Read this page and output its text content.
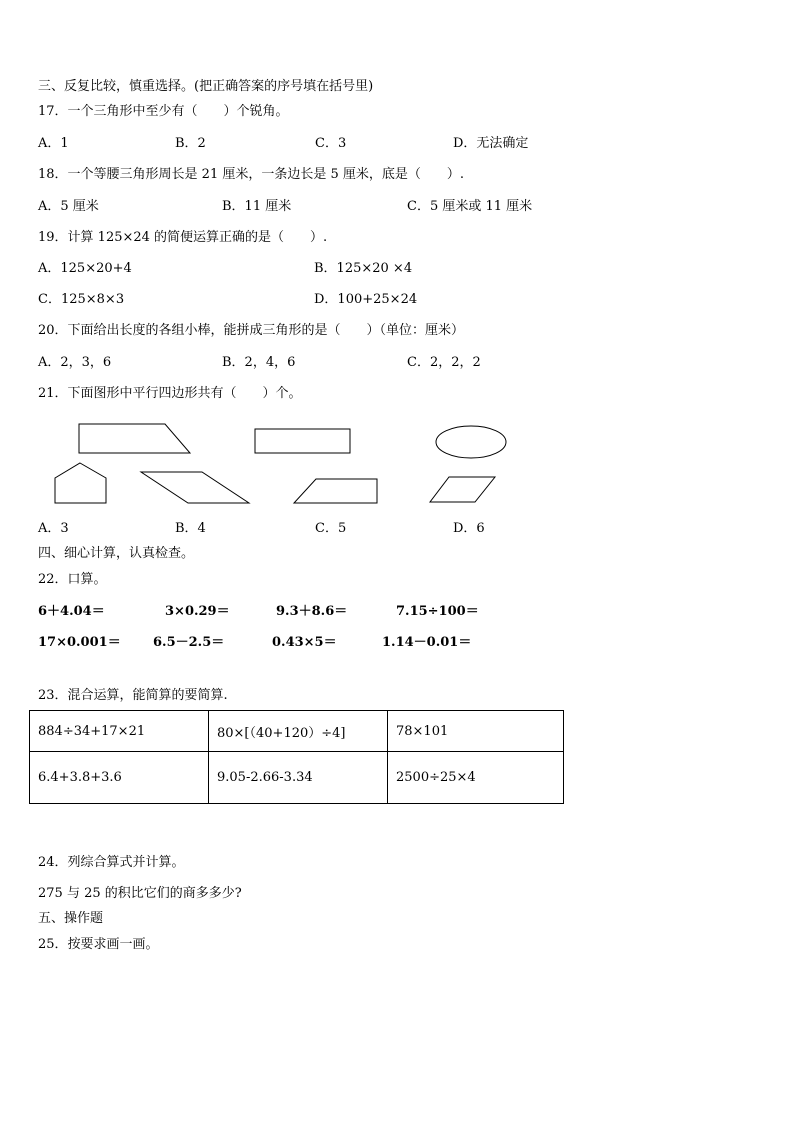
三、反复比较，慎重选择。(把正确答案的序号填在括号里)
17．一个三角形中至少有（　　）个锐角。
A．1	B．2	C．3	D．无法确定
18．一个等腰三角形周长是 21 厘米，一条边长是 5 厘米，底是（　　）.
A．5 厘米	B．11 厘米	C．5 厘米或 11 厘米
19．计算 125×24 的简便运算正确的是（　　）.
A．125×20+4	B．125×20 ×4
C．125×8×3	D．100+25×24
20．下面给出长度的各组小棒，能拼成三角形的是（　　）（单位：厘米）
A．2，3，6	B．2，4，6	C．2，2，2
21．下面图形中平行四边形共有（　　）个。
A．3	B．4	C．5	D．6
四、细心计算，认真检查。
22．口算。
6＋4.04＝	3×0.29＝	9.3＋8.6＝	7.15÷100＝
17×0.001＝ 6.5－2.5＝	0.43×5＝	1.14－0.01＝
23．混合运算，能简算的要简算.
884÷34+17×21	80×[（40+120）÷4]	78×101
6.4+3.8+3.6	9.05-2.66-3.34	2500÷25×4
24．列综合算式并计算。
275 与 25 的积比它们的商多多少?
五、操作题
25．按要求画一画。
